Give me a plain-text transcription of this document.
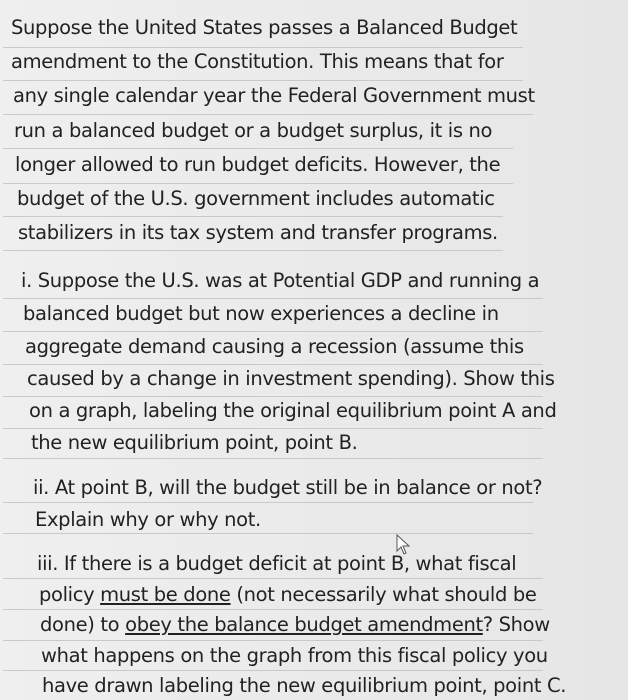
Suppose the United States passes a Balanced Budget
amendment to the Constitution. This means that for
any single calendar year the Federal Government must
run a balanced budget or a budget surplus, it is no
longer allowed to run budget deficits. However, the
budget of the U.S. government includes automatic
stabilizers in its tax system and transfer programs.
i. Suppose the U.S. was at Potential GDP and running a
balanced budget but now experiences a decline in
aggregate demand causing a recession (assume this
caused by a change in investment spending). Show this
on a graph, labeling the original equilibrium point A and
the new equilibrium point, point B.
ii. At point B, will the budget still be in balance or not?
Explain why or why not.
iii. If there is a budget deficit at point B, what fiscal
policy must be done (not necessarily what should be
done) to obey the balance budget amendment? Show
what happens on the graph from this fiscal policy you
have drawn labeling the new equilibrium point, point C.
